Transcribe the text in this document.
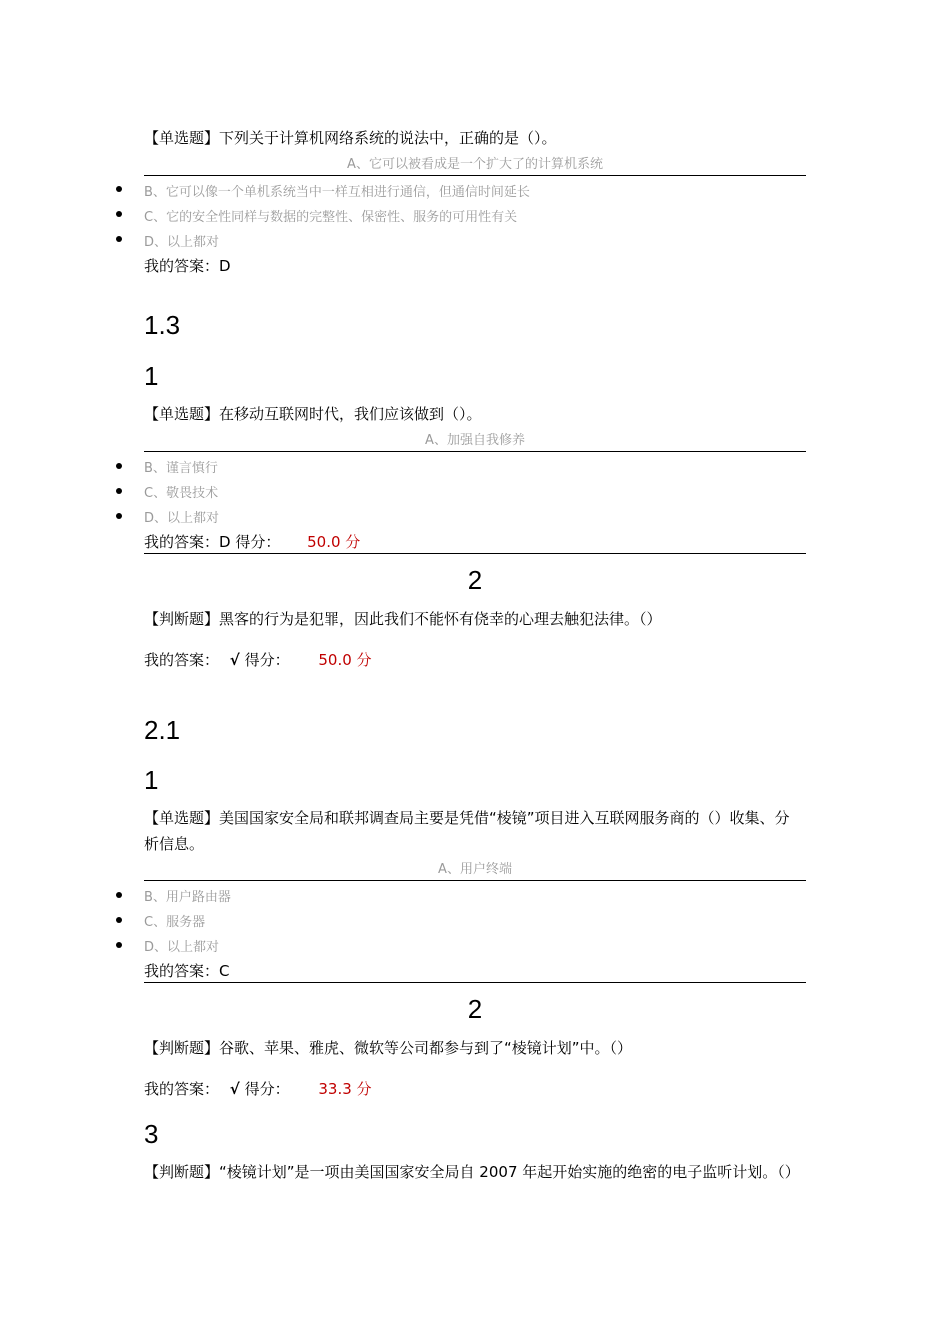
【单选题】下列关于计算机网络系统的说法中，正确的是（）。
A、它可以被看成是一个扩大了的计算机系统
B、它可以像一个单机系统当中一样互相进行通信，但通信时间延长
C、它的安全性同样与数据的完整性、保密性、服务的可用性有关
D、以上都对
我的答案：D
1.3
1
【单选题】在移动互联网时代，我们应该做到（）。
A、加强自我修养
B、谨言慎行
C、敬畏技术
D、以上都对
我的答案：D 得分： 50.0 分
2
【判断题】黑客的行为是犯罪，因此我们不能怀有侥幸的心理去触犯法律。（）
我的答案： √ 得分： 50.0 分
2.1
1
【单选题】美国国家安全局和联邦调查局主要是凭借“棱镜”项目进入互联网服务商的（）收集、分析信息。
A、用户终端
B、用户路由器
C、服务器
D、以上都对
我的答案：C
2
【判断题】谷歌、苹果、雅虎、微软等公司都参与到了“棱镜计划”中。（）
我的答案： √ 得分： 33.3 分
3
【判断题】“棱镜计划”是一项由美国国家安全局自 2007 年起开始实施的绝密的电子监听计划。（）
